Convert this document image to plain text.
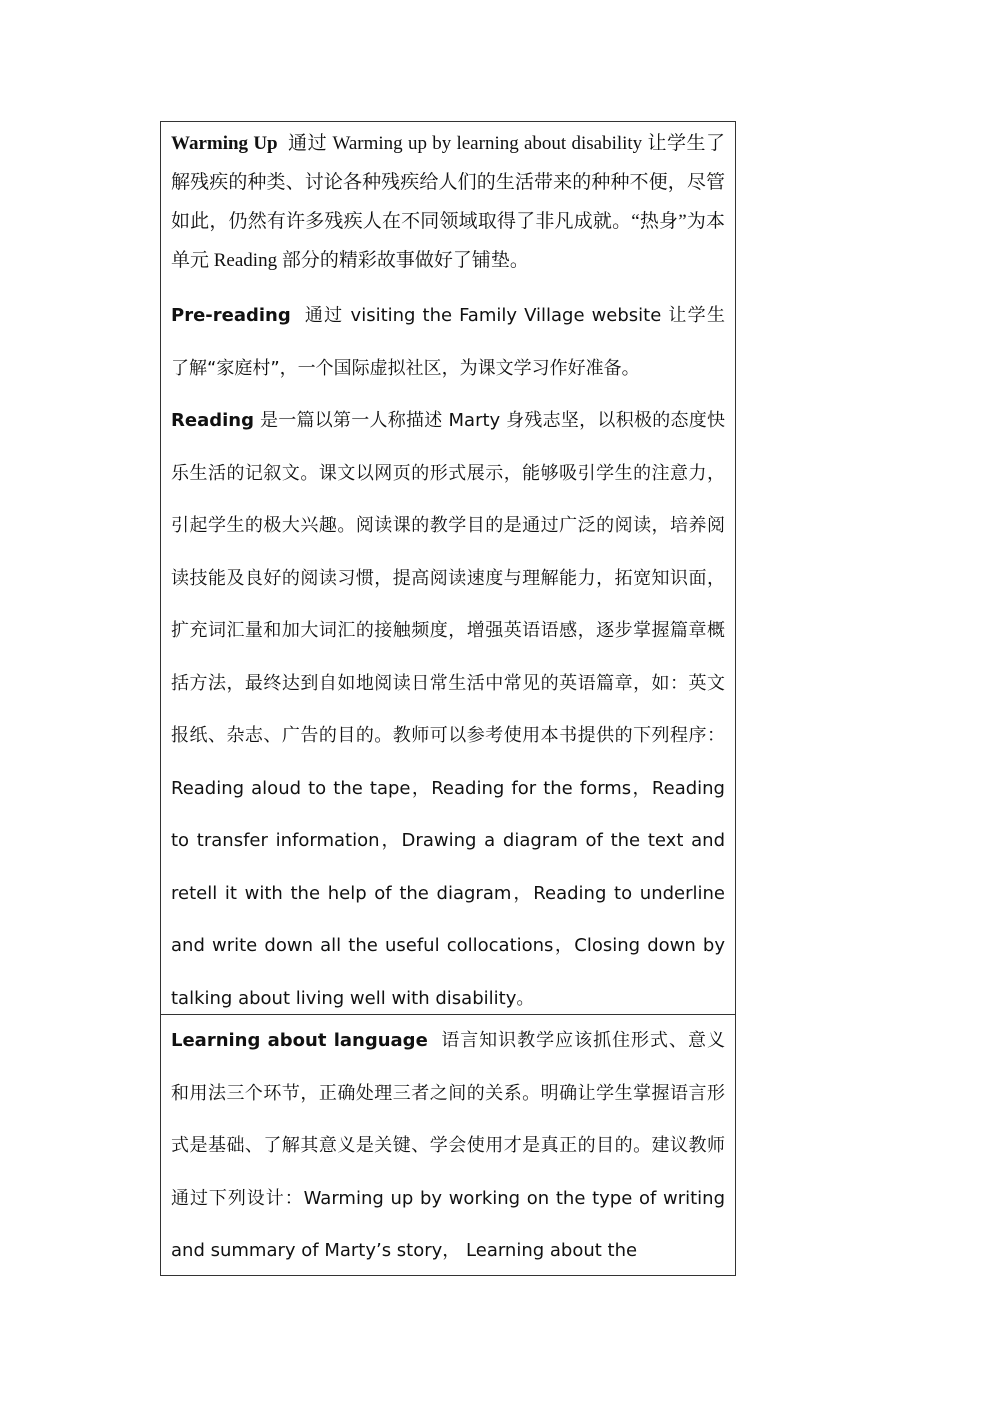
Warming Up 通过 Warming up by learning about disability 让学生了解残疾的种类、讨论各种残疾给人们的生活带来的种种不便，尽管如此，仍然有许多残疾人在不同领域取得了非凡成就。“热身”为本单元 Reading 部分的精彩故事做好了铺垫。

Pre-reading 通过 visiting the Family Village website 让学生了解“家庭村”，一个国际虚拟社区，为课文学习作好准备。

Reading 是一篇以第一人称描述 Marty 身残志坚，以积极的态度快乐生活的记叙文。课文以网页的形式展示，能够吸引学生的注意力，引起学生的极大兴趣。阅读课的教学目的是通过广泛的阅读，培养阅读技能及良好的阅读习惯，提高阅读速度与理解能力，拓宽知识面，扩充词汇量和加大词汇的接触频度，增强英语语感，逐步掌握篇章概括方法，最终达到自如地阅读日常生活中常见的英语篇章，如：英文报纸、杂志、广告的目的。教师可以参考使用本书提供的下列程序：Reading aloud to the tape，Reading for the forms，Reading to transfer information，Drawing a diagram of the text and retell it with the help of the diagram，Reading to underline and write down all the useful collocations，Closing down by talking about living well with disability。

Learning about language 语言知识教学应该抓住形式、意义和用法三个环节，正确处理三者之间的关系。明确让学生掌握语言形式是基础、了解其意义是关键、学会使用才是真正的目的。建议教师通过下列设计：Warming up by working on the type of writing and summary of Marty’s story， Learning about the
